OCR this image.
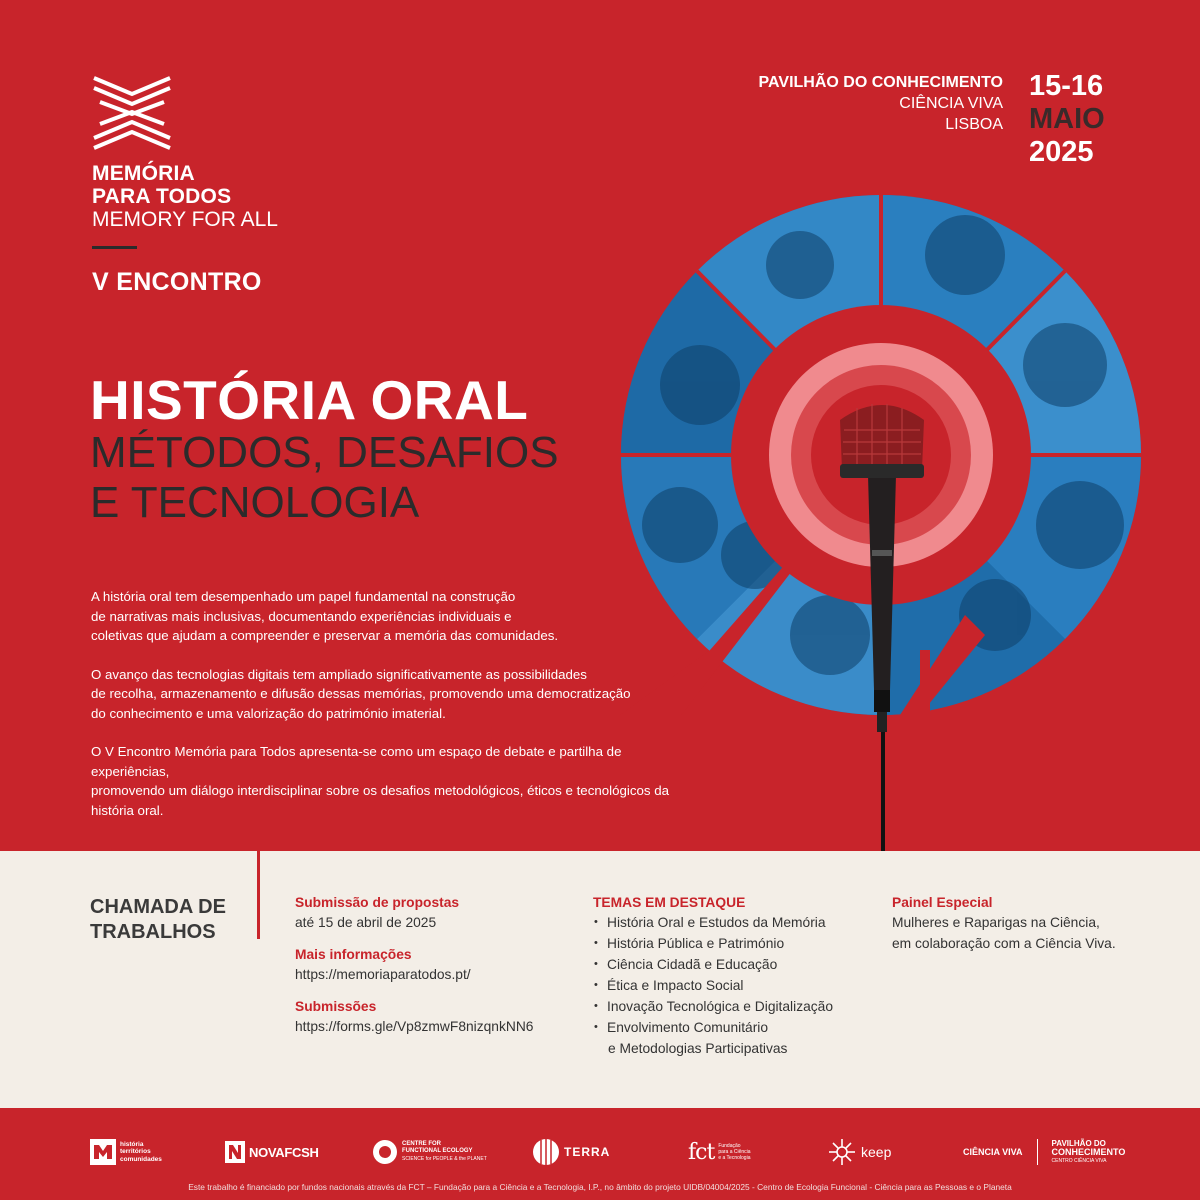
MEMÓRIA
PARA TODOS
MEMORY FOR ALL
V ENCONTRO
PAVILHÃO DO CONHECIMENTO
CIÊNCIA VIVA
LISBOA
15-16
MAIO
2025
HISTÓRIA ORAL
MÉTODOS, DESAFIOS
E TECNOLOGIA

A história oral tem desempenhado um papel fundamental na construção
de narrativas mais inclusivas, documentando experiências individuais e
coletivas que ajudam a compreender e preservar a memória das comunidades.

O avanço das tecnologias digitais tem ampliado significativamente as possibilidades
de recolha, armazenamento e difusão dessas memórias, promovendo uma democratização
do conhecimento e uma valorização do património imaterial.

O V Encontro Memória para Todos apresenta-se como um espaço de debate e partilha de experiências,
promovendo um diálogo interdisciplinar sobre os desafios metodológicos, éticos e tecnológicos da história oral.

CHAMADA DE
TRABALHOS
Submissão de propostas
até 15 de abril de 2025
Mais informações
https://memoriaparatodos.pt/
Submissões
https://forms.gle/Vp8zmwF8nizqnkNN6
TEMAS EM DESTAQUE
• História Oral e Estudos da Memória
• História Pública e Património
• Ciência Cidadã e Educação
• Ética e Impacto Social
• Inovação Tecnológica e Digitalização
• Envolvimento Comunitário
e Metodologias Participativas
Painel Especial
Mulheres e Raparigas na Ciência,
em colaboração com a Ciência Viva.
história
territórios
comunidades	NOVAFCSH
CENTRE FOR
FUNCTIONAL ECOLOGY
SCIENCE for PEOPLE & the PLANET	TERRA	fct Fundação
para a Ciência
e a Tecnologia	keep	CIÊNCIA VIVA
PAVILHÃO DO
CONHECIMENTO
CENTRO CIÊNCIA VIVA
Este trabalho é financiado por fundos nacionais através da FCT – Fundação para a Ciência e a Tecnologia, I.P., no âmbito do projeto UIDB/04004/2025 - Centro de Ecologia Funcional - Ciência para as Pessoas e o Planeta
